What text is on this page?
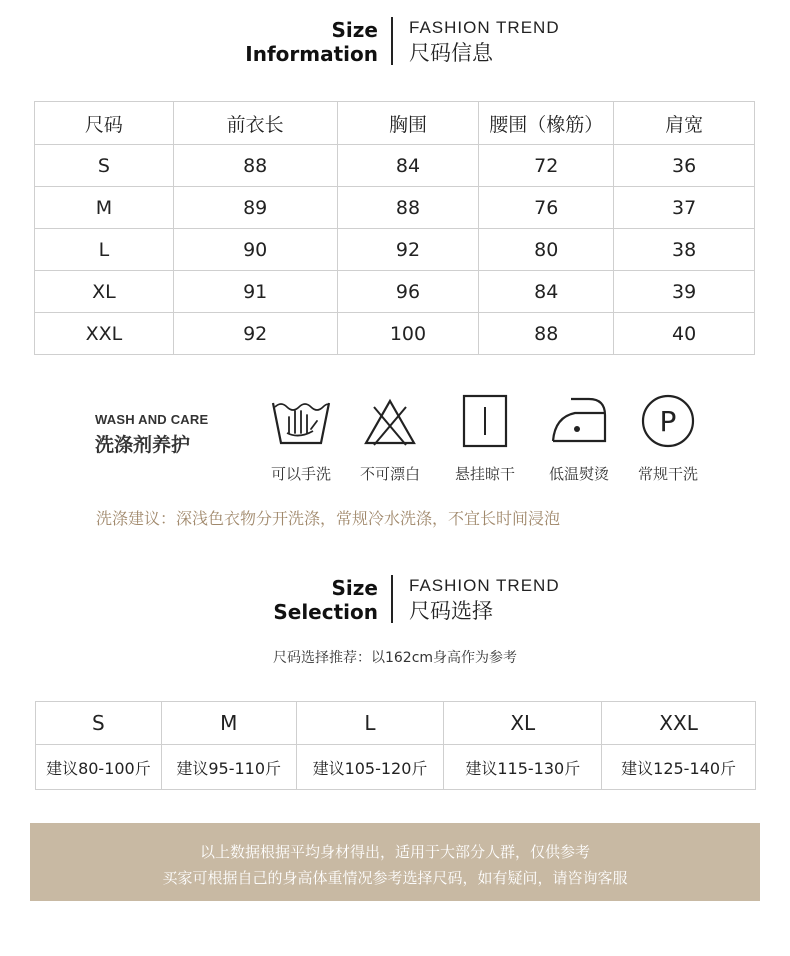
Size
Information
FASHION TREND
尺码信息
尺码	前衣长	胸围	腰围（橡筋）	肩宽
S	88	84	72	36
M	89	88	76	37
L	90	92	80	38
XL	91	96	84	39
XXL	92	100	88	40
WASH AND CARE
洗涤剂养护
可以手洗	不可漂白	悬挂晾干	低温熨烫
P
常规干洗
洗涤建议：深浅色衣物分开洗涤，常规冷水洗涤，不宜长时间浸泡
Size
Selection
FASHION TREND
尺码选择
尺码选择推荐：以162cm身高作为参考
S	M	L	XL	XXL
建议80-100斤	建议95-110斤	建议105-120斤	建议115-130斤	建议125-140斤
以上数据根据平均身材得出，适用于大部分人群，仅供参考
买家可根据自己的身高体重情况参考选择尺码，如有疑问，请咨询客服
